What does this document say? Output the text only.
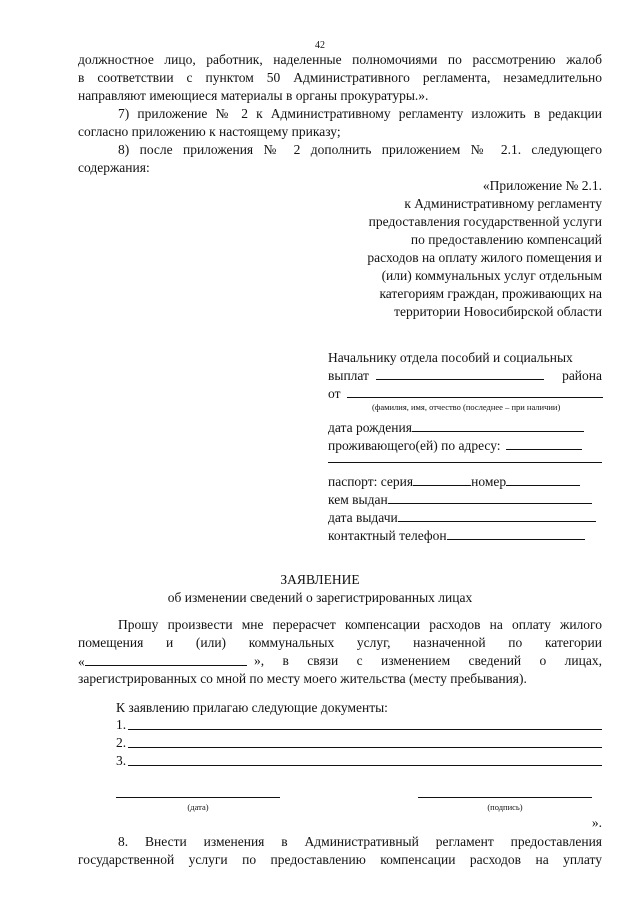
42
должностное лицо, работник, наделенные полномочиями по рассмотрению жалоб
в соответствии с пунктом 50 Административного регламента, незамедлительно
направляют имеющиеся материалы в органы прокуратуры.».
7) приложение № 2 к Административному регламенту изложить в редакции
согласно приложению к настоящему приказу;
8) после приложения № 2 дополнить приложением № 2.1. следующего
содержания:
«Приложение № 2.1.
к Административному регламенту
предоставления государственной услуги
по предоставлению компенсаций
расходов на оплату жилого помещения и
(или) коммунальных услуг отдельным
категориям граждан, проживающих на
территории Новосибирской области
Начальнику отдела пособий и социальных
выплат	района
от
(фамилия, имя, отчество (последнее – при наличии)
дата рождения
проживающего(ей) по адресу:
паспорт: серия	номер
кем выдан
дата выдачи
контактный телефон
ЗАЯВЛЕНИЕ
об изменении сведений о зарегистрированных лицах
Прошу произвести мне перерасчет компенсации расходов на оплату жилого
помещения и (или) коммунальных услуг, назначенной по категории
«	», в связи с изменением сведений о лицах,
зарегистрированных со мной по месту моего жительства (месту пребывания).
К заявлению прилагаю следующие документы:
1.
2.
3.
(дата)	(подпись)
».
8. Внести изменения в Административный регламент предоставления
государственной услуги по предоставлению компенсации расходов на уплату
